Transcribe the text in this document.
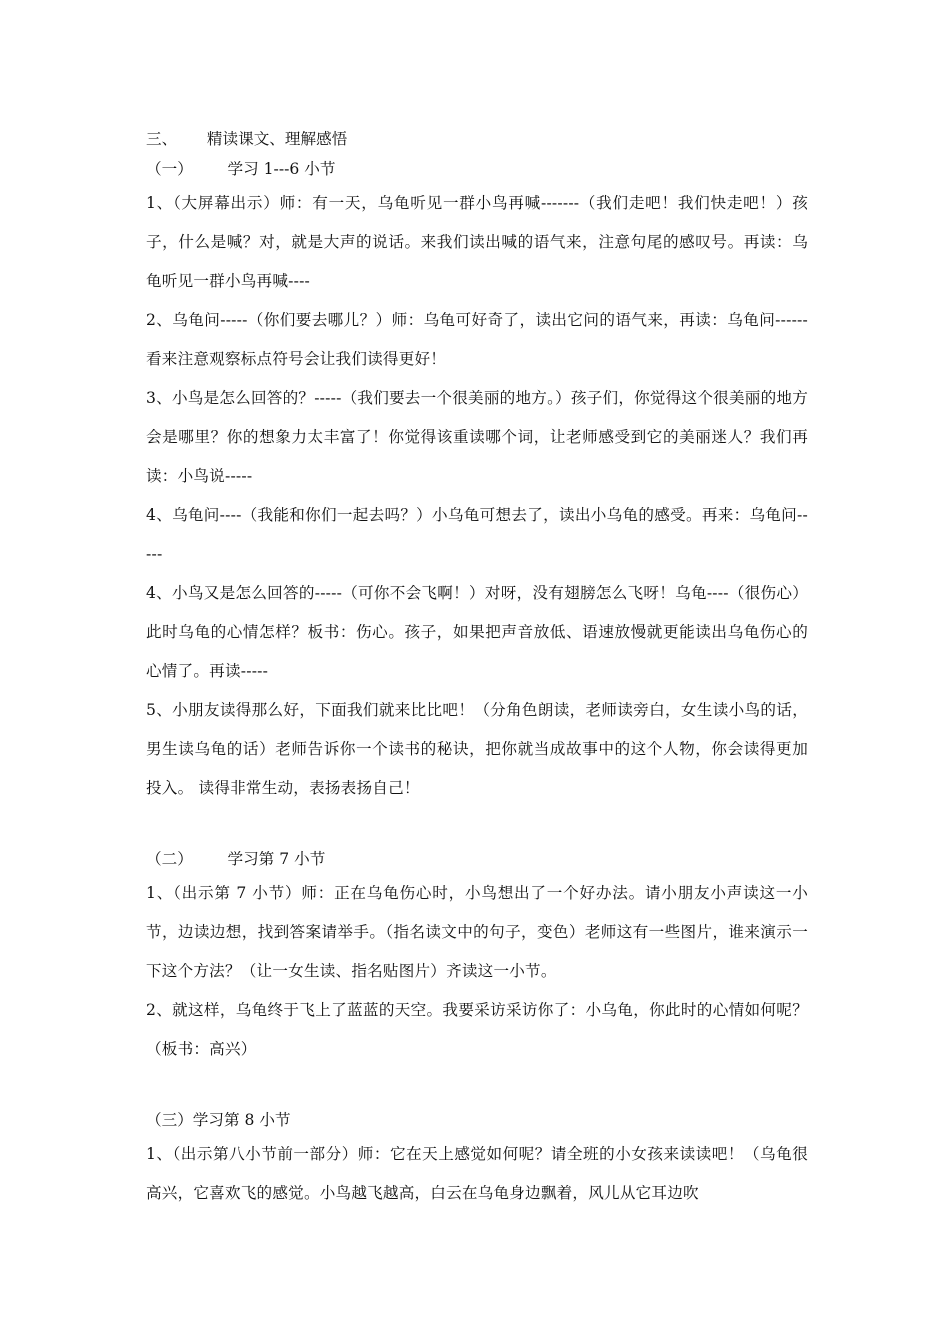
三、      精读课文、理解感悟
（一）       学习 1---6 小节

1、（大屏幕出示）师：有一天，乌龟听见一群小鸟再喊-------（我们走吧！我们快走吧！）孩子，什么是喊？对，就是大声的说话。来我们读出喊的语气来，注意句尾的感叹号。再读：乌龟听见一群小鸟再喊----

2、乌龟问-----（你们要去哪儿？）师：乌龟可好奇了，读出它问的语气来，再读：乌龟问------ 看来注意观察标点符号会让我们读得更好！

3、小鸟是怎么回答的？-----（我们要去一个很美丽的地方。）孩子们，你觉得这个很美丽的地方会是哪里？你的想象力太丰富了！你觉得该重读哪个词，让老师感受到它的美丽迷人？我们再读：小鸟说-----

4、乌龟问----（我能和你们一起去吗？）小乌龟可想去了，读出小乌龟的感受。再来：乌龟问-----

4、小鸟又是怎么回答的-----（可你不会飞啊！）对呀，没有翅膀怎么飞呀！乌龟----（很伤心）此时乌龟的心情怎样？板书：伤心。孩子，如果把声音放低、语速放慢就更能读出乌龟伤心的心情了。再读-----

5、小朋友读得那么好，下面我们就来比比吧！（分角色朗读，老师读旁白，女生读小鸟的话，男生读乌龟的话）老师告诉你一个读书的秘诀，把你就当成故事中的这个人物，你会读得更加投入。 读得非常生动，表扬表扬自己！

（二）       学习第 7 小节

1、（出示第 7 小节）师：正在乌龟伤心时，小鸟想出了一个好办法。请小朋友小声读这一小节，边读边想，找到答案请举手。（指名读文中的句子，变色）老师这有一些图片，谁来演示一下这个方法？（让一女生读、指名贴图片）齐读这一小节。

2、就这样，乌龟终于飞上了蓝蓝的天空。我要采访采访你了：小乌龟，你此时的心情如何呢？（板书：高兴）

（三）学习第 8 小节

1、（出示第八小节前一部分）师：它在天上感觉如何呢？请全班的小女孩来读读吧！（乌龟很高兴，它喜欢飞的感觉。小鸟越飞越高，白云在乌龟身边飘着，风儿从它耳边吹
